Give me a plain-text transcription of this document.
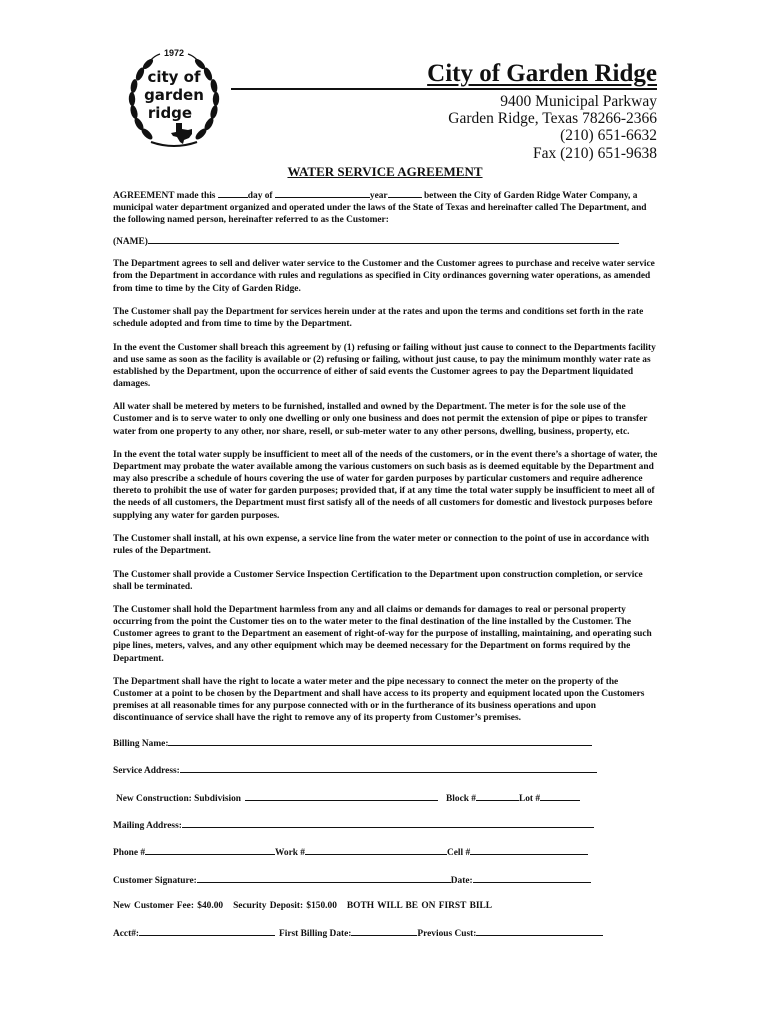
1972
city of
garden
ridge
City of Garden Ridge
9400 Municipal Parkway
Garden Ridge, Texas 78266-2366
(210) 651-6632
Fax (210) 651-9638
WATER SERVICE AGREEMENT

AGREEMENT made this	day of	year	between the City of Garden Ridge Water Company, a municipal water department organized and operated under the laws of the State of Texas and hereinafter called The Department, and the following named person, hereinafter referred to as the Customer:

(NAME)

The Department agrees to sell and deliver water service to the Customer and the Customer agrees to purchase and receive water service from the Department in accordance with rules and regulations as specified in City ordinances governing water operations, as amended from time to time by the City of Garden Ridge.

The Customer shall pay the Department for services herein under at the rates and upon the terms and conditions set forth in the rate schedule adopted and from time to time by the Department.

In the event the Customer shall breach this agreement by (1) refusing or failing without just cause to connect to the Departments facility and use same as soon as the facility is available or (2) refusing or failing, without just cause, to pay the minimum monthly water rate as established by the Department, upon the occurrence of either of said events the Customer agrees to pay the Department liquidated damages.

All water shall be metered by meters to be furnished, installed and owned by the Department. The meter is for the sole use of the Customer and is to serve water to only one dwelling or only one business and does not permit the extension of pipe or pipes to transfer water from one property to any other, nor share, resell, or sub-meter water to any other persons, dwelling, business, property, etc.

In the event the total water supply be insufficient to meet all of the needs of the customers, or in the event there’s a shortage of water, the Department may probate the water available among the various customers on such basis as is deemed equitable by the Department and may also prescribe a schedule of hours covering the use of water for garden purposes by particular customers and require adherence thereto to prohibit the use of water for garden purposes; provided that, if at any time the total water supply be insufficient to meet all of the needs of all customers, the Department must first satisfy all of the needs of all customers for domestic and livestock purposes before supplying any water for garden purposes.

The Customer shall install, at his own expense, a service line from the water meter or connection to the point of use in accordance with rules of the Department.

The Customer shall provide a Customer Service Inspection Certification to the Department upon construction completion, or service shall be terminated.

The Customer shall hold the Department harmless from any and all claims or demands for damages to real or personal property occurring from the point the Customer ties on to the water meter to the final destination of the line installed by the Customer. The Customer agrees to grant to the Department an easement of right-of-way for the purpose of installing, maintaining, and operating such pipe lines, meters, valves, and any other equipment which may be deemed necessary for the Department on forms required by the Department.

The Department shall have the right to locate a water meter and the pipe necessary to connect the meter on the property of the Customer at a point to be chosen by the Department and shall have access to its property and equipment located upon the Customers premises at all reasonable times for any purpose connected with or in the furtherance of its business operations and upon discontinuance of service shall have the right to remove any of its property from Customer’s premises.

Billing Name:
Service Address:
New Construction: Subdivision	Block #	Lot #
Mailing Address:
Phone #	Work #	Cell #
Customer Signature:	Date:
New Customer Fee: $40.00 Security Deposit: $150.00 BOTH WILL BE ON FIRST BILL
Acct#:	First Billing Date:	Previous Cust:
